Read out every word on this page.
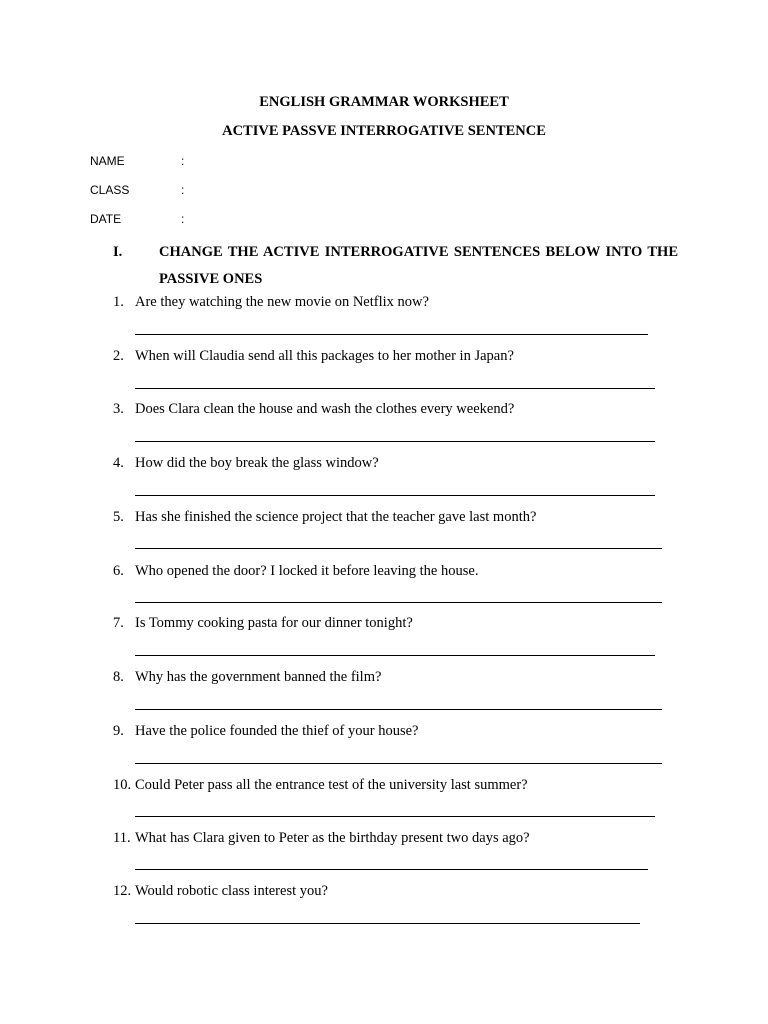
ENGLISH GRAMMAR WORKSHEET
ACTIVE PASSVE INTERROGATIVE SENTENCE
NAME	:
CLASS	:
DATE	:
I.	CHANGE THE ACTIVE INTERROGATIVE SENTENCES BELOW INTO THE PASSIVE ONES
1. Are they watching the new movie on Netflix now?
2. When will Claudia send all this packages to her mother in Japan?
3. Does Clara clean the house and wash the clothes every weekend?
4. How did the boy break the glass window?
5. Has she finished the science project that the teacher gave last month?
6. Who opened the door? I locked it before leaving the house.
7. Is Tommy cooking pasta for our dinner tonight?
8. Why has the government banned the film?
9. Have the police founded the thief of your house?
10. Could Peter pass all the entrance test of the university last summer?
11. What has Clara given to Peter as the birthday present two days ago?
12. Would robotic class interest you?
